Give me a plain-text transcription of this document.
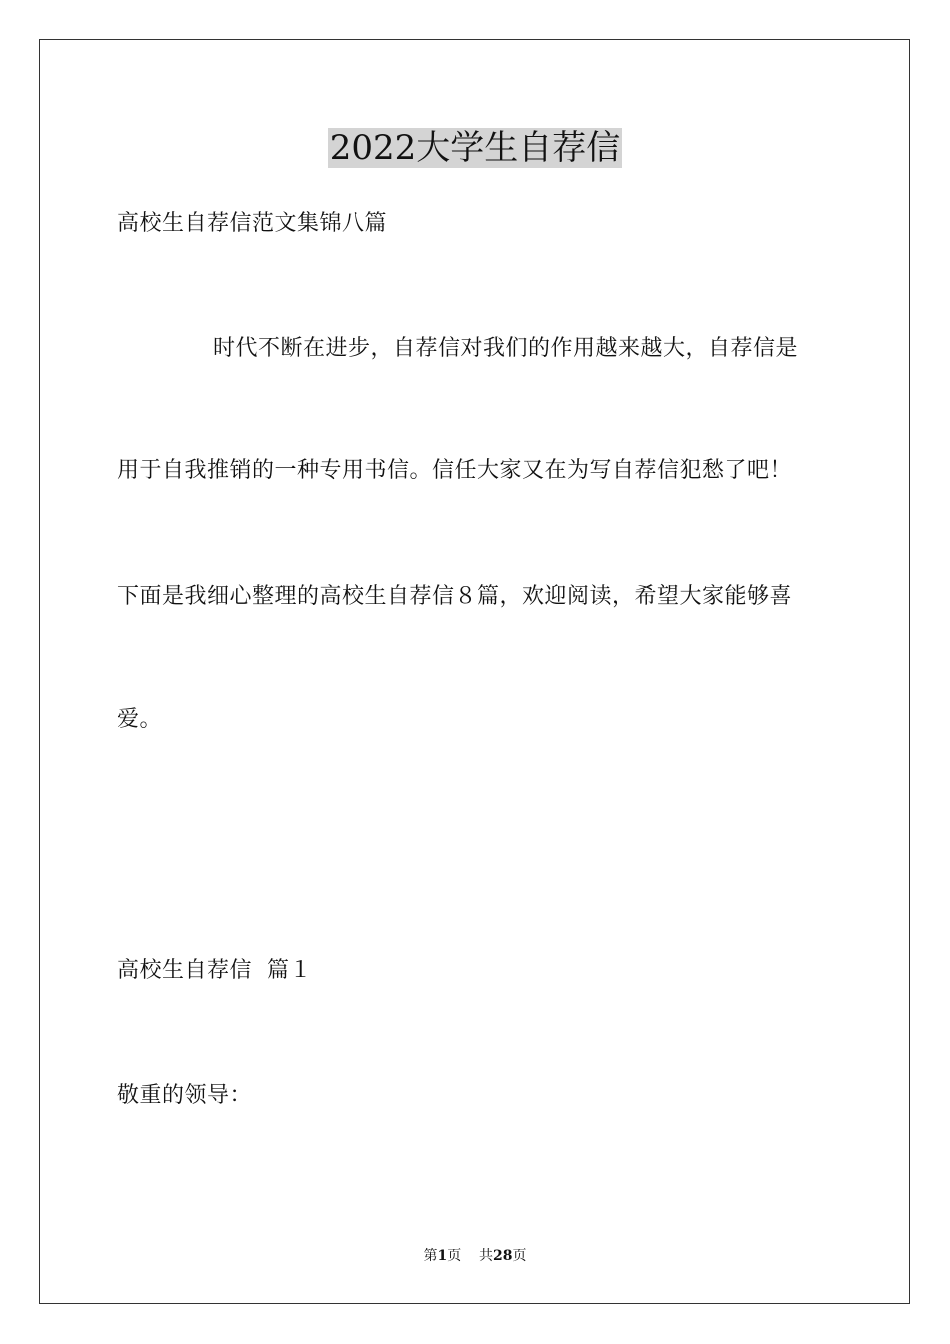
2022大学生自荐信
高校生自荐信范文集锦八篇
时代不断在进步，自荐信对我们的作用越来越大，自荐信是
用于自我推销的一种专用书信。信任大家又在为写自荐信犯愁了吧！
下面是我细心整理的高校生自荐信８篇，欢迎阅读，希望大家能够喜
爱。
高校生自荐信  篇１
敬重的领导：
第1页 共28页
